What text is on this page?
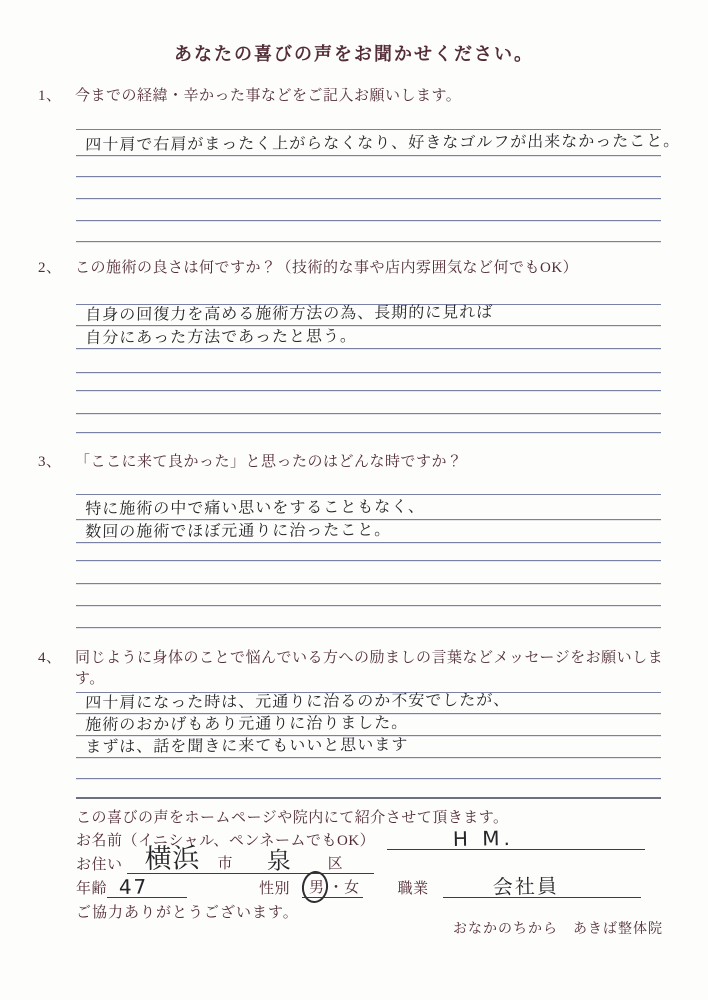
あなたの喜びの声をお聞かせください。
1、 今までの経緯・辛かった事などをご記入お願いします。
四十肩で右肩がまったく上がらなくなり、好きなゴルフが出来なかったこと。
2、 この施術の良さは何ですか？（技術的な事や店内雰囲気など何でもOK）
自身の回復力を高める施術方法の為、長期的に見れば
自分にあった方法であったと思う。
3、 「ここに来て良かった」と思ったのはどんな時ですか？
特に施術の中で痛い思いをすることもなく、
数回の施術でほぼ元通りに治ったこと。
4、 同じように身体のことで悩んでいる方への励ましの言葉などメッセージをお願いします。
四十肩になった時は、元通りに治るのか不安でしたが、
施術のおかげもあり元通りに治りました。
まずは、話を聞きに来てもいいと思います
この喜びの声をホームページや院内にて紹介させて頂きます。
お名前（イニシャル、ペンネームでもOK）	H M.
お住い 横浜 市 泉 区
年齢 47	性別 男 ・ 女	職業	会社員
ご協力ありがとうございます。
おなかのちから　あきば整体院
